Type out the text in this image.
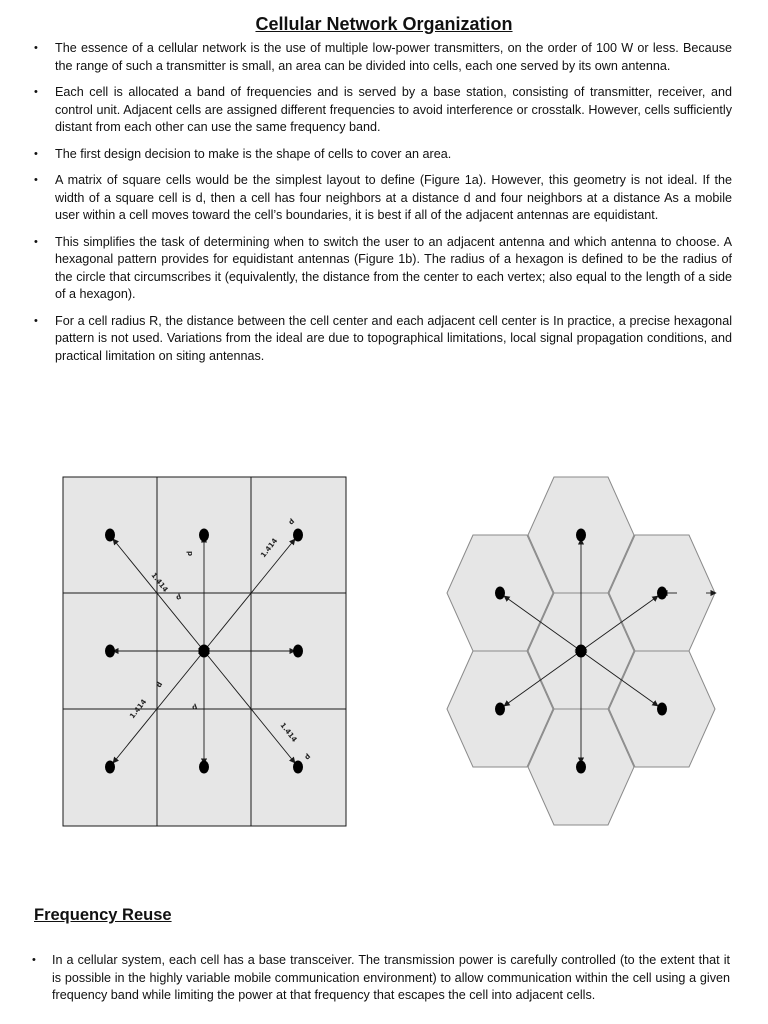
Cellular Network Organization
• The essence of a cellular network is the use of multiple low-power transmitters, on the order of 100 W or less. Because the range of such a transmitter is small, an area can be divided into cells, each one served by its own antenna.
• Each cell is allocated a band of frequencies and is served by a base station, consisting of transmitter, receiver, and control unit. Adjacent cells are assigned different frequencies to avoid interference or crosstalk. However, cells sufficiently distant from each other can use the same frequency band.
• The first design decision to make is the shape of cells to cover an area.
• A matrix of square cells would be the simplest layout to define (Figure 1a). However, this geometry is not ideal. If the width of a square cell is d, then a cell has four neighbors at a distance d and four neighbors at a distance As a mobile user within a cell moves toward the cell’s boundaries, it is best if all of the adjacent antennas are equidistant.
• This simplifies the task of determining when to switch the user to an adjacent antenna and which antenna to choose. A hexagonal pattern provides for equidistant antennas (Figure 1b). The radius of a hexagon is defined to be the radius of the circle that circumscribes it (equivalently, the distance from the center to each vertex; also equal to the length of a side of a hexagon).
• For a cell radius R, the distance between the cell center and each adjacent cell center is In practice, a precise hexagonal pattern is not used. Variations from the ideal are due to topographical limitations, local signal propagation conditions, and practical limitation on siting antennas.
1.414
1.414
1.414
1.414
d
d
d
d
d
d
Frequency Reuse
• In a cellular system, each cell has a base transceiver. The transmission power is carefully controlled (to the extent that it is possible in the highly variable mobile communication environment) to allow communication within the cell using a given frequency band while limiting the power at that frequency that escapes the cell into adjacent cells.
